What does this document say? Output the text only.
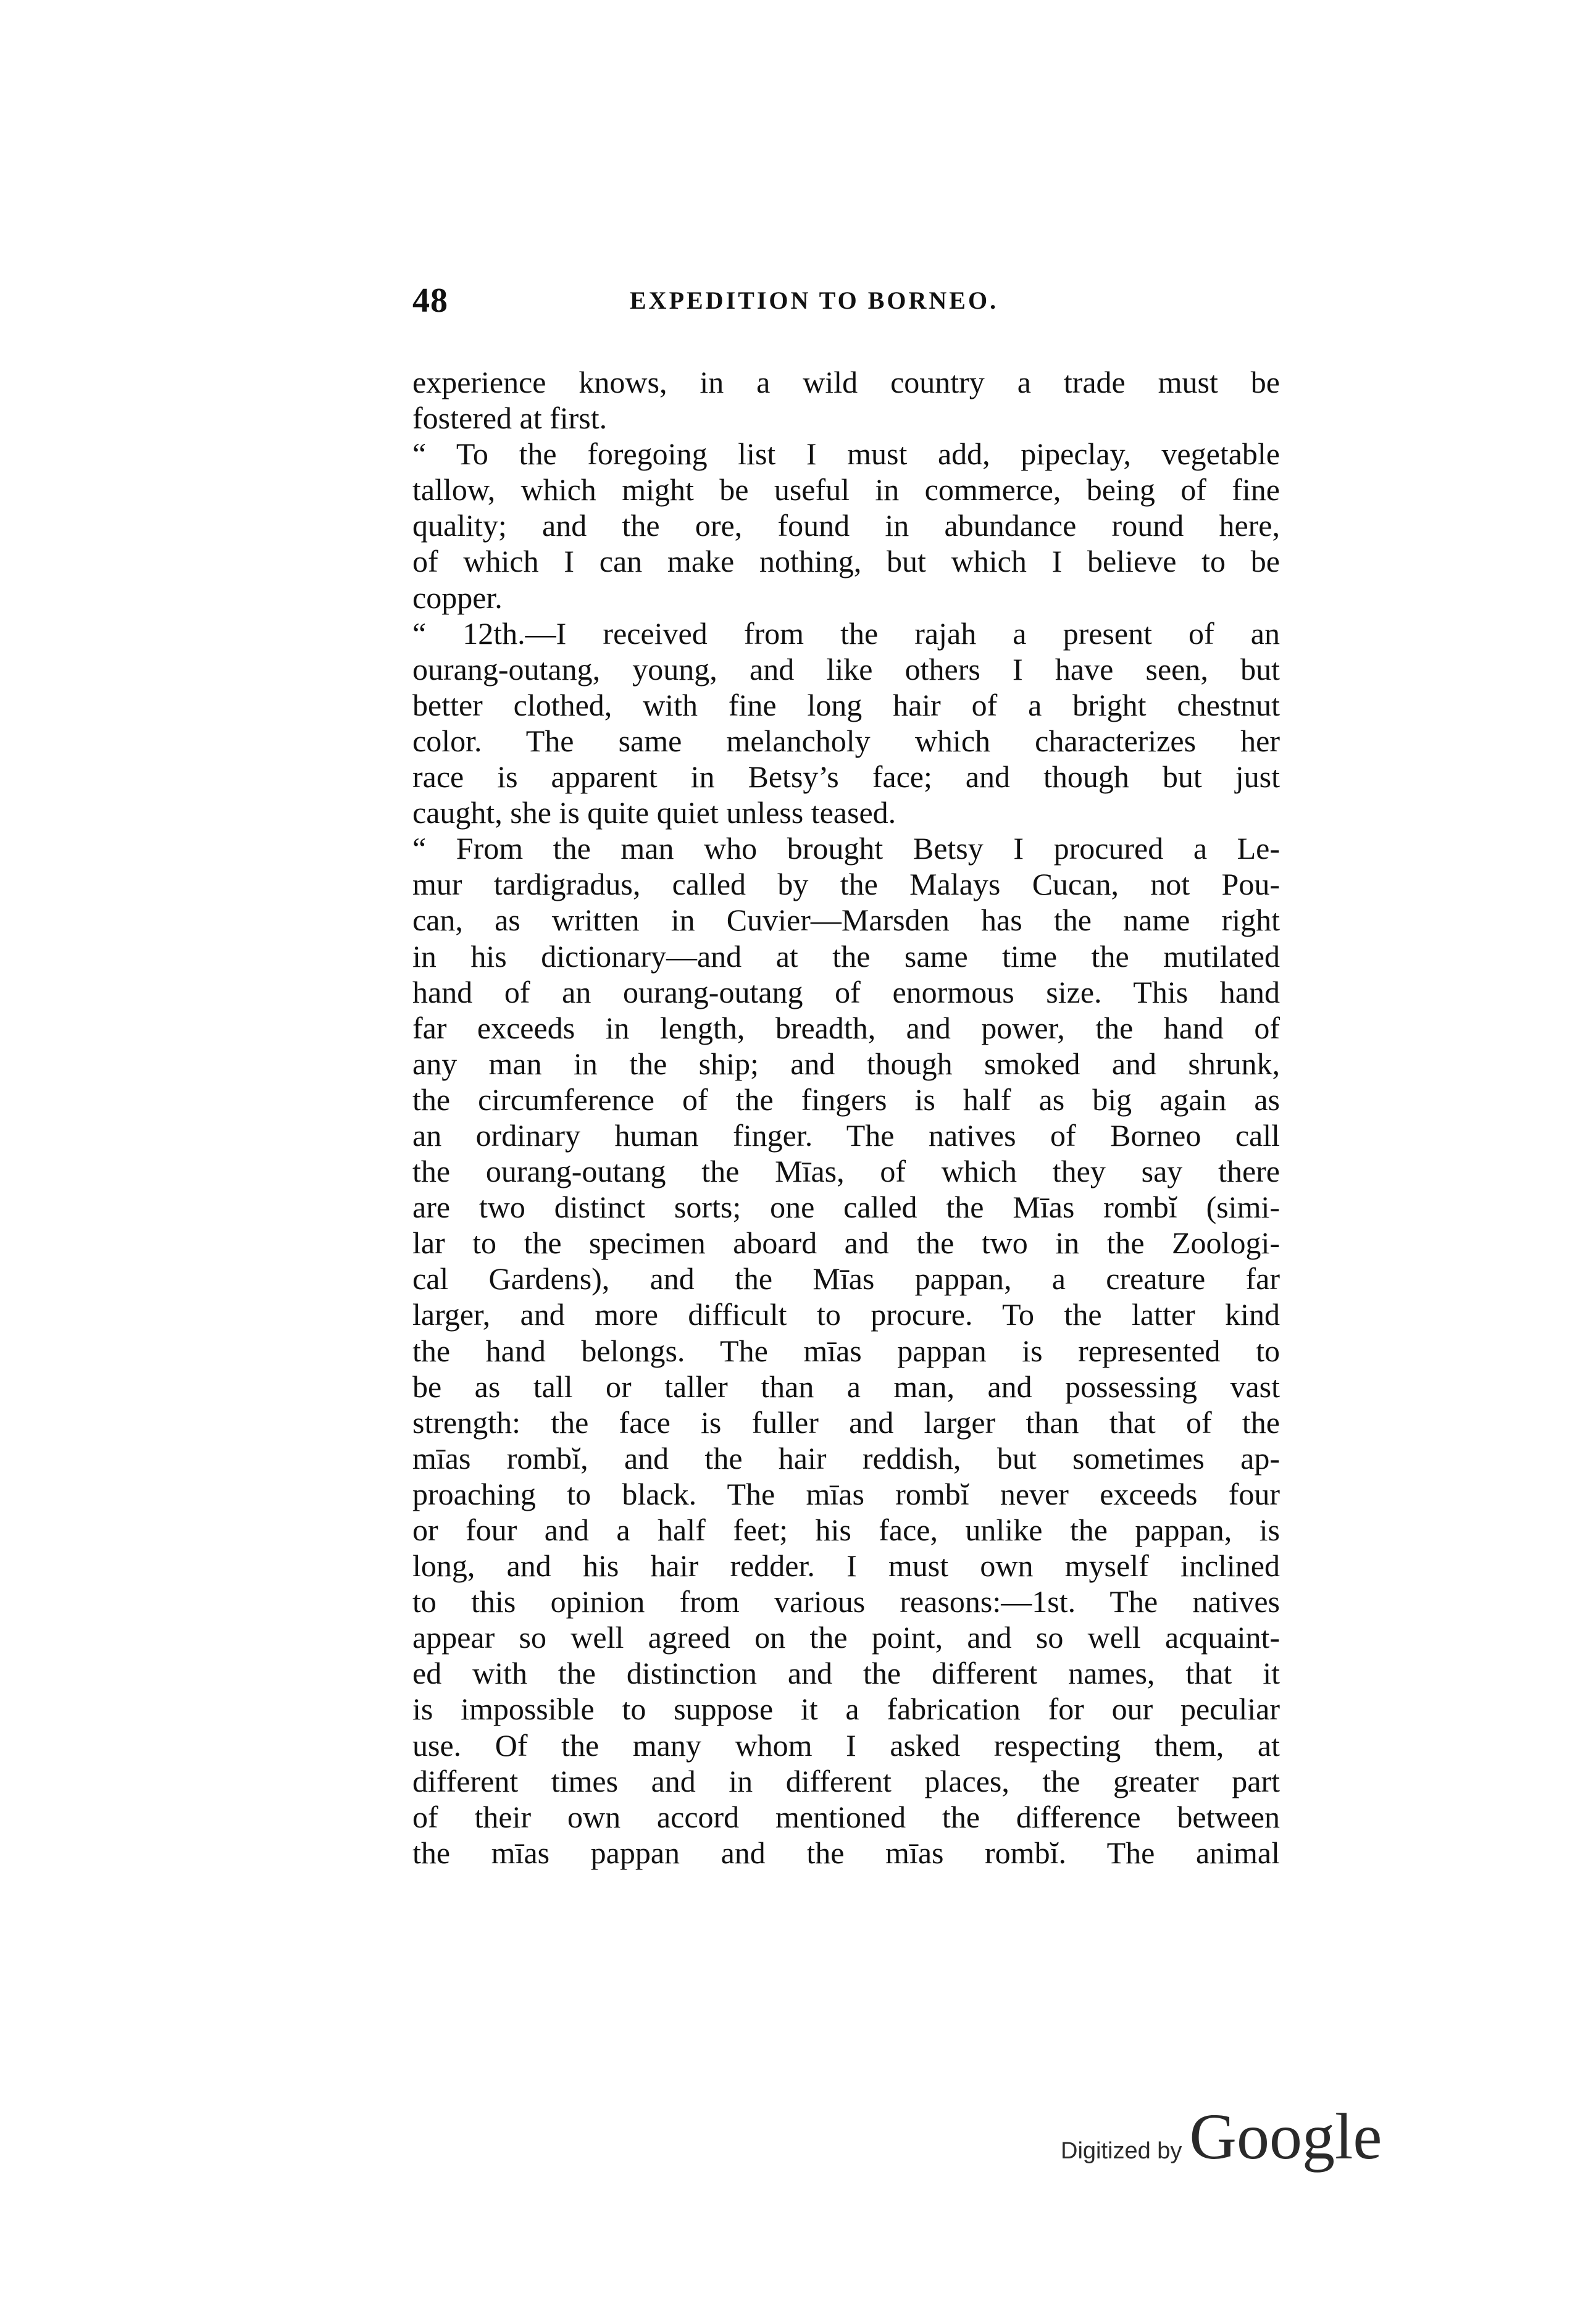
48	EXPEDITION TO BORNEO.
experience knows, in a wild country a trade must be
fostered at first.
“ To the foregoing list I must add, pipeclay, vegetable
tallow, which might be useful in commerce, being of fine
quality; and the ore, found in abundance round here,
of which I can make nothing, but which I believe to be
copper.
“ 12th.—I received from the rajah a present of an
ourang-outang, young, and like others I have seen, but
better clothed, with fine long hair of a bright chestnut
color. The same melancholy which characterizes her
race is apparent in Betsy’s face; and though but just
caught, she is quite quiet unless teased.
“ From the man who brought Betsy I procured a Le-
mur tardigradus, called by the Malays Cucan, not Pou-
can, as written in Cuvier—Marsden has the name right
in his dictionary—and at the same time the mutilated
hand of an ourang-outang of enormous size. This hand
far exceeds in length, breadth, and power, the hand of
any man in the ship; and though smoked and shrunk,
the circumference of the fingers is half as big again as
an ordinary human finger. The natives of Borneo call
the ourang-outang the Mīas, of which they say there
are two distinct sorts; one called the Mīas rombĭ (simi-
lar to the specimen aboard and the two in the Zoologi-
cal Gardens), and the Mīas pappan, a creature far
larger, and more difficult to procure. To the latter kind
the hand belongs. The mīas pappan is represented to
be as tall or taller than a man, and possessing vast
strength: the face is fuller and larger than that of the
mīas rombĭ, and the hair reddish, but sometimes ap-
proaching to black. The mīas rombĭ never exceeds four
or four and a half feet; his face, unlike the pappan, is
long, and his hair redder. I must own myself inclined
to this opinion from various reasons:—1st. The natives
appear so well agreed on the point, and so well acquaint-
ed with the distinction and the different names, that it
is impossible to suppose it a fabrication for our peculiar
use. Of the many whom I asked respecting them, at
different times and in different places, the greater part
of their own accord mentioned the difference between
the mīas pappan and the mīas rombĭ. The animal
Digitized by Google
